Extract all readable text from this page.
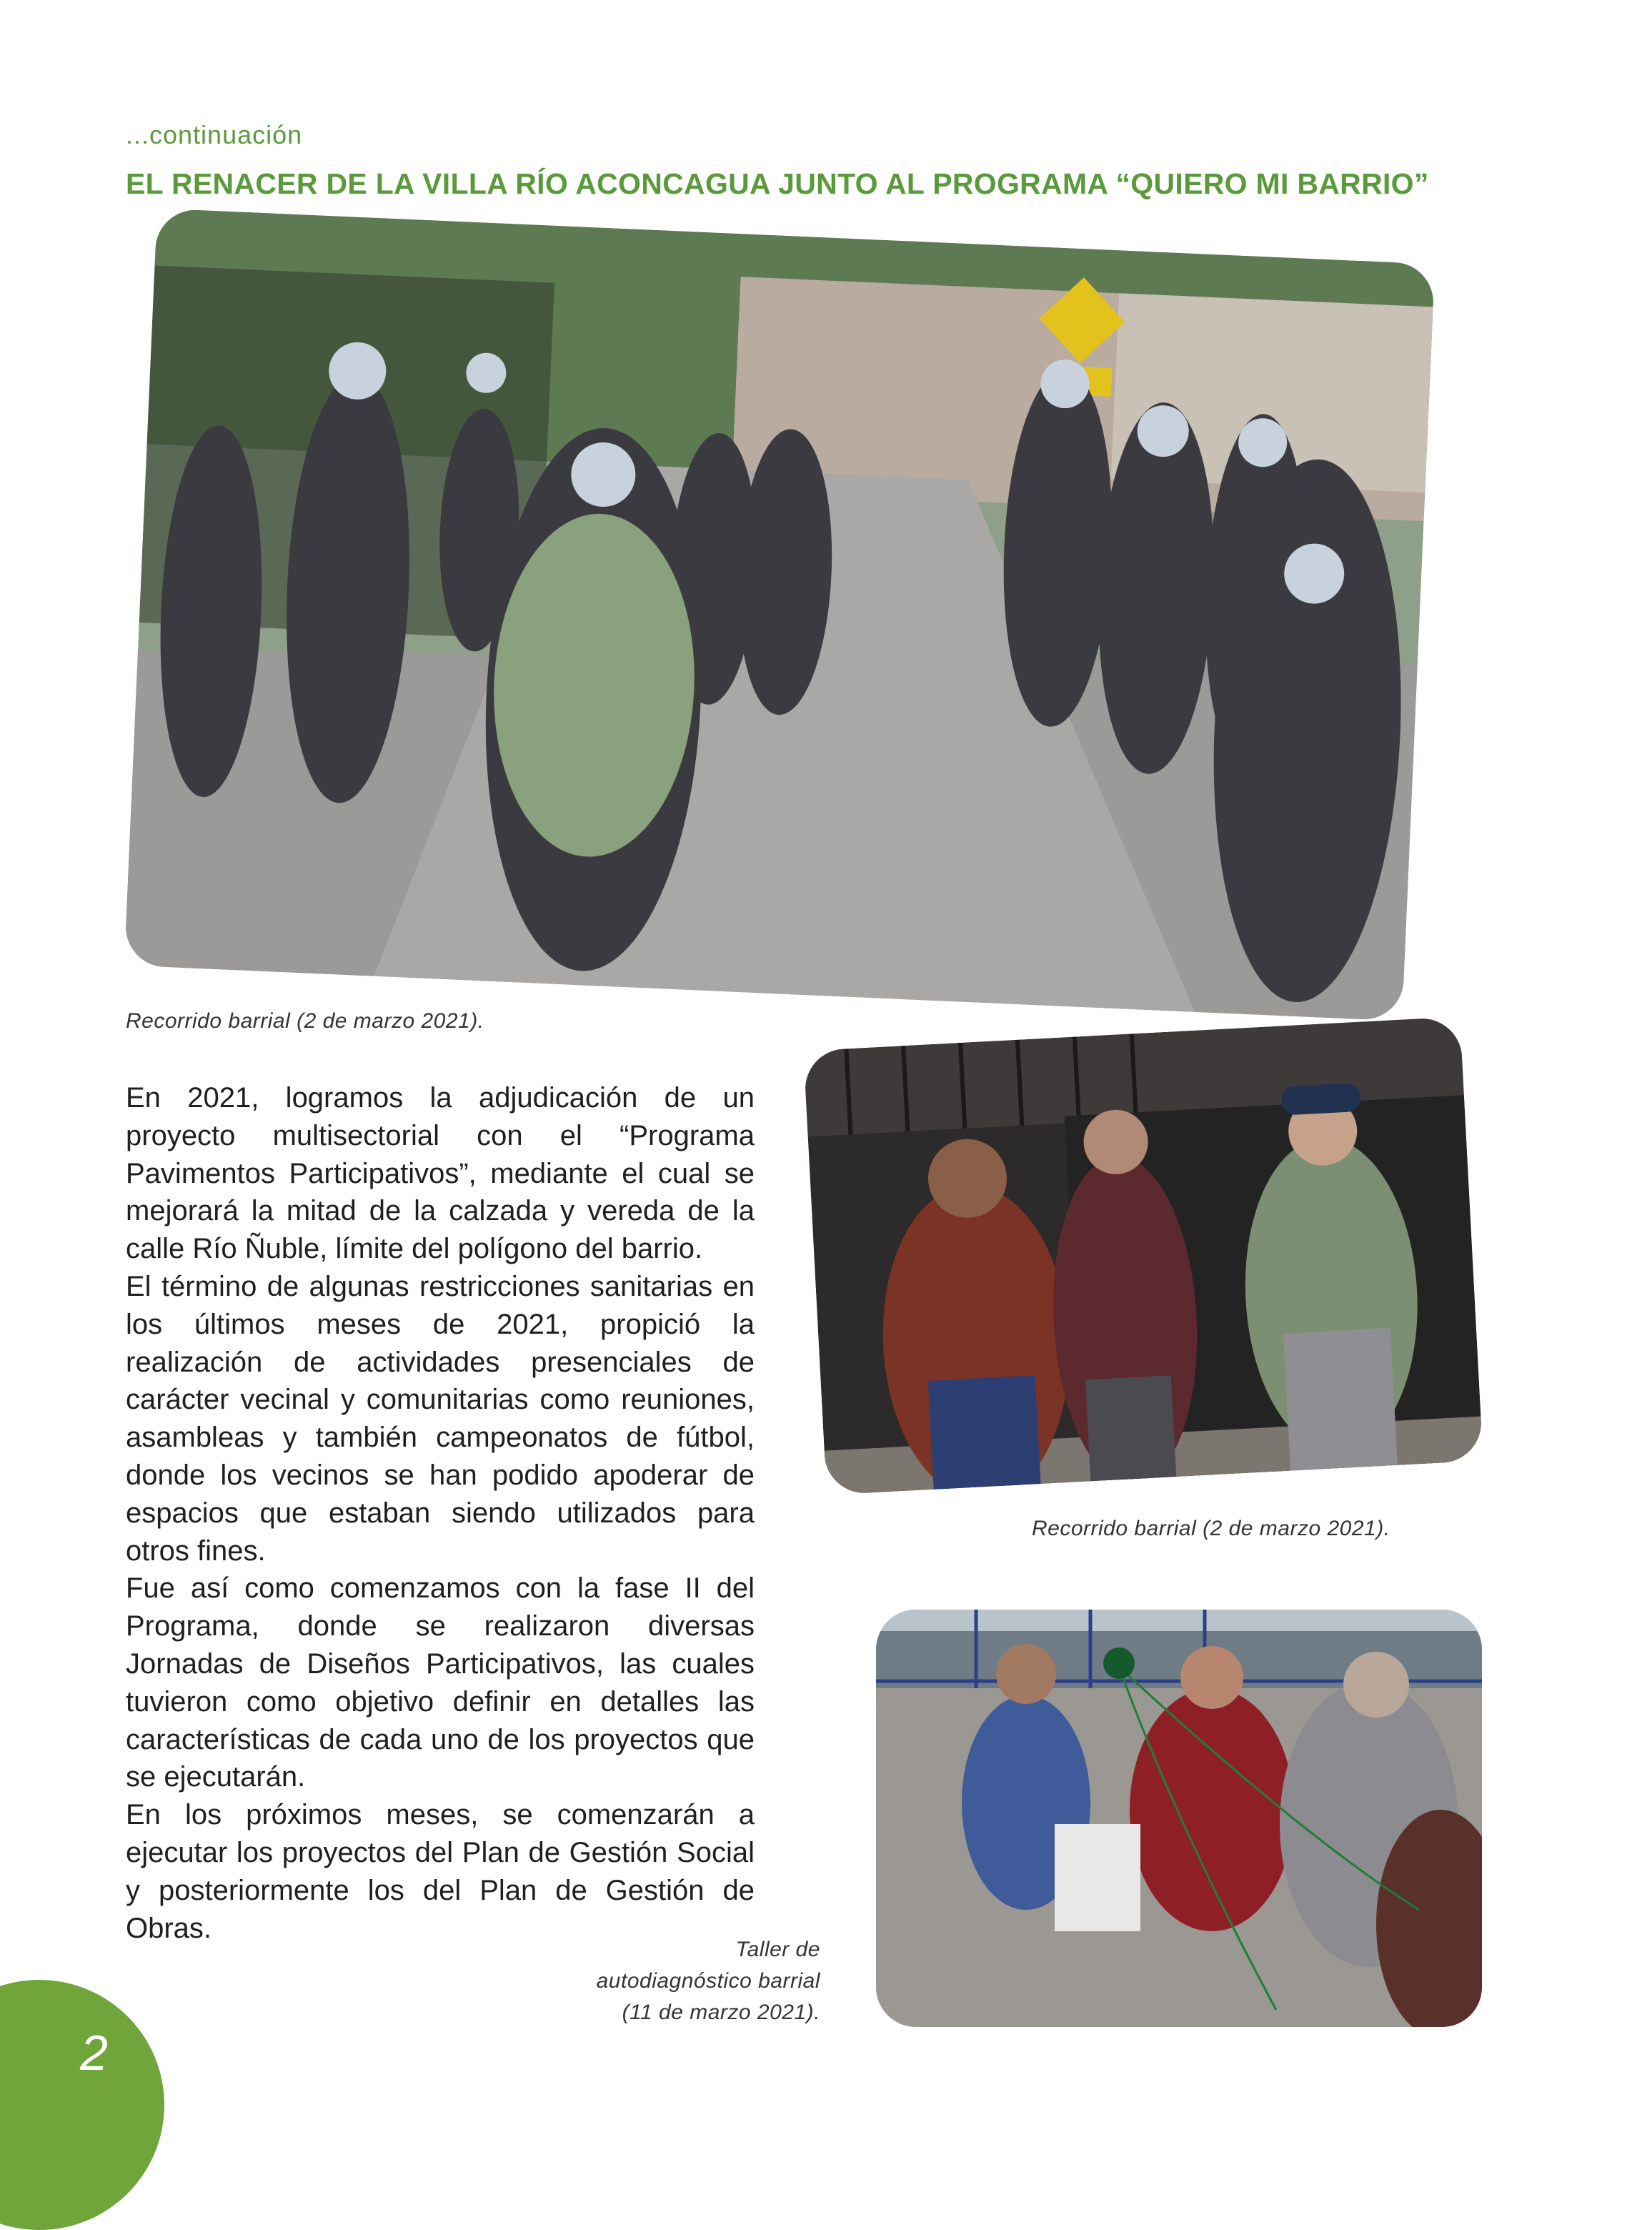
...continuación
EL RENACER DE LA VILLA RÍO ACONCAGUA JUNTO AL PROGRAMA “QUIERO MI BARRIO”
Recorrido barrial (2 de marzo 2021).

En 2021, logramos la adjudicación de un proyecto multisectorial con el “Programa Pavimentos Participativos”, mediante el cual se mejorará la mitad de la calzada y vereda de la calle Río Ñuble, límite del polígono del barrio.

El término de algunas restricciones sanitarias en los últimos meses de 2021, propició la realización de actividades presenciales de carácter vecinal y comunitarias como reuniones, asambleas y también campeonatos de fútbol, donde los vecinos se han podido apoderar de espacios que estaban siendo utilizados para otros fines.

Fue así como comenzamos con la fase II del Programa, donde se realizaron diversas Jornadas de Diseños Participativos, las cuales tuvieron como objetivo definir en detalles las características de cada uno de los proyectos que se ejecutarán.

En los próximos meses, se comenzarán a ejecutar los proyectos del Plan de Gestión Social y posteriormente los del Plan de Gestión de Obras.

Recorrido barrial (2 de marzo 2021).
Taller de
autodiagnóstico barrial
(11 de marzo 2021).
2
